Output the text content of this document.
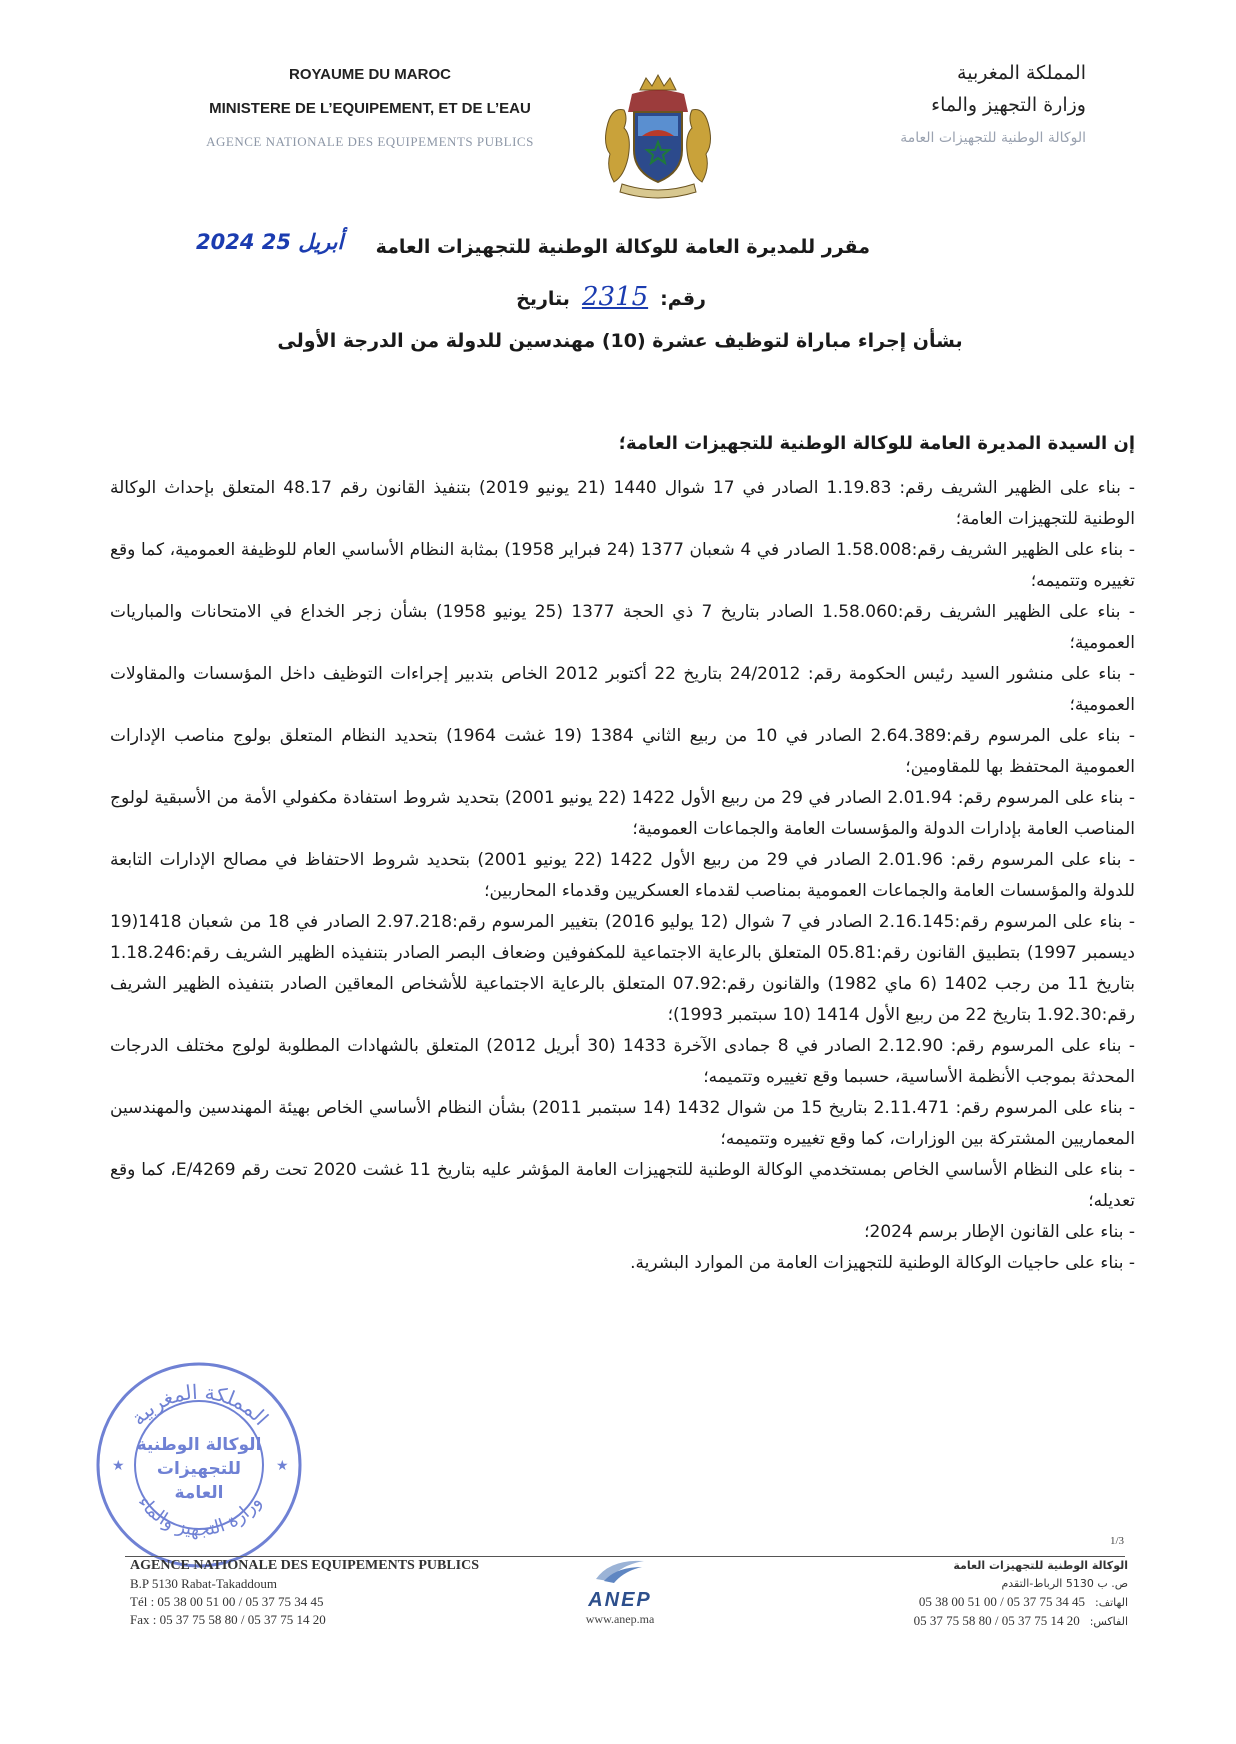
ROYAUME DU MAROC
MINISTERE DE L’EQUIPEMENT, ET DE L’EAU
AGENCE NATIONALE DES EQUIPEMENTS PUBLICS
المملكة المغربية
وزارة التجهيز والماء
الوكالة الوطنية للتجهيزات العامة
مقرر للمديرة العامة للوكالة الوطنية للتجهيزات العامة
2024 ﺃﺑﺮﻳﻞ 25
رقم:2315بتاريخ
بشأن إجراء مباراة لتوظيف عشرة (10) مهندسين للدولة من الدرجة الأولى
إن السيدة المديرة العامة للوكالة الوطنية للتجهيزات العامة؛

- بناء على الظهير الشريف رقم: 1.19.83 الصادر في 17 شوال 1440 (21 يونيو 2019) بتنفيذ القانون رقم 48.17 المتعلق بإحداث الوكالة الوطنية للتجهيزات العامة؛

- بناء على الظهير الشريف رقم:1.58.008 الصادر في 4 شعبان 1377 (24 فبراير 1958) بمثابة النظام الأساسي العام للوظيفة العمومية، كما وقع تغييره وتتميمه؛

- بناء على الظهير الشريف رقم:1.58.060 الصادر بتاريخ 7 ذي الحجة 1377 (25 يونيو 1958) بشأن زجر الخداع في الامتحانات والمباريات العمومية؛

- بناء على منشور السيد رئيس الحكومة رقم: 24/2012 بتاريخ 22 أكتوبر 2012 الخاص بتدبير إجراءات التوظيف داخل المؤسسات والمقاولات العمومية؛

- بناء على المرسوم رقم:2.64.389 الصادر في 10 من ربيع الثاني 1384 (19 غشت 1964) بتحديد النظام المتعلق بولوج مناصب الإدارات العمومية المحتفظ بها للمقاومين؛

- بناء على المرسوم رقم: 2.01.94 الصادر في 29 من ربيع الأول 1422 (22 يونيو 2001) بتحديد شروط استفادة مكفولي الأمة من الأسبقية لولوج المناصب العامة بإدارات الدولة والمؤسسات العامة والجماعات العمومية؛

- بناء على المرسوم رقم: 2.01.96 الصادر في 29 من ربيع الأول 1422 (22 يونيو 2001) بتحديد شروط الاحتفاظ في مصالح الإدارات التابعة للدولة والمؤسسات العامة والجماعات العمومية بمناصب لقدماء العسكريين وقدماء المحاربين؛

- بناء على المرسوم رقم:2.16.145 الصادر في 7 شوال (12 يوليو 2016) بتغيير المرسوم رقم:2.97.218 الصادر في 18 من شعبان 1418(19 ديسمبر 1997) بتطبيق القانون رقم:05.81 المتعلق بالرعاية الاجتماعية للمكفوفين وضعاف البصر الصادر بتنفيذه الظهير الشريف رقم:1.18.246 بتاريخ 11 من رجب 1402 (6 ماي 1982) والقانون رقم:07.92 المتعلق بالرعاية الاجتماعية للأشخاص المعاقين الصادر بتنفيذه الظهير الشريف رقم:1.92.30 بتاريخ 22 من ربيع الأول 1414 (10 سبتمبر 1993)؛

- بناء على المرسوم رقم: 2.12.90 الصادر في 8 جمادى الآخرة 1433 (30 أبريل 2012) المتعلق بالشهادات المطلوبة لولوج مختلف الدرجات المحدثة بموجب الأنظمة الأساسية، حسبما وقع تغييره وتتميمه؛

- بناء على المرسوم رقم: 2.11.471 بتاريخ 15 من شوال 1432 (14 سبتمبر 2011) بشأن النظام الأساسي الخاص بهيئة المهندسين والمهندسين المعماريين المشتركة بين الوزارات، كما وقع تغييره وتتميمه؛

- بناء على النظام الأساسي الخاص بمستخدمي الوكالة الوطنية للتجهيزات العامة المؤشر عليه بتاريخ 11 غشت 2020 تحت رقم E/4269، كما وقع تعديله؛

- بناء على القانون الإطار برسم 2024؛

- بناء على حاجيات الوكالة الوطنية للتجهيزات العامة من الموارد البشرية.

المملكة المغربية
وزارة التجهيز والماء
الوكالة الوطنية
للتجهيزات
العامة
★	★
1/3
AGENCE NATIONALE DES EQUIPEMENTS PUBLICS
B.P 5130 Rabat-Takaddoum
Tél : 05 38 00 51 00 / 05 37 75 34 45
Fax : 05 37 75 58 80 / 05 37 75 14 20
ANEP
www.anep.ma
الوكالة الوطنية للتجهيزات العامة
ص. ب 5130 الرباط-التقدم
الهاتف:05 38 00 51 00 / 05 37 75 34 45
الفاكس:05 37 75 58 80 / 05 37 75 14 20
